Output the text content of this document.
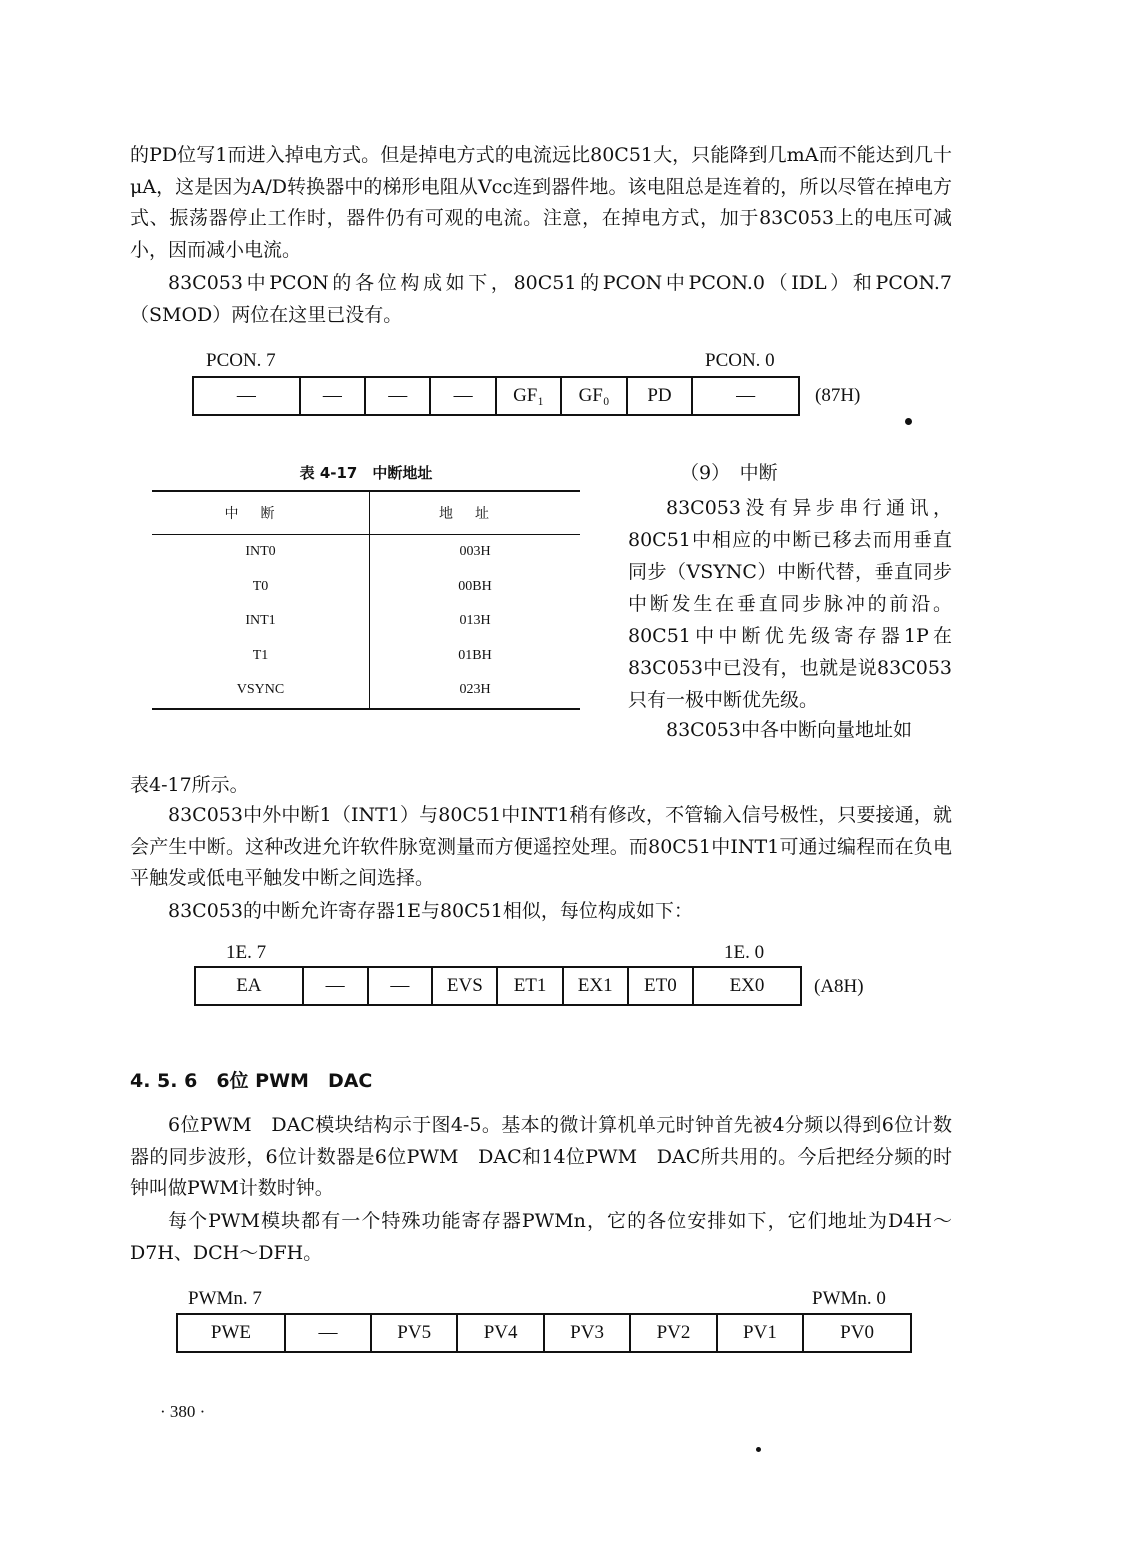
的PD位写1而进入掉电方式。但是掉电方式的电流远比80C51大，只能降到几mA而不能达到几十μA，这是因为A/D转换器中的梯形电阻从Vcc连到器件地。该电阻总是连着的，所以尽管在掉电方式、振荡器停止工作时，器件仍有可观的电流。注意，在掉电方式，加于83C053上的电压可减小，因而减小电流。

83C053中PCON的各位构成如下，80C51的PCON中PCON.0（IDL）和PCON.7（SMOD）两位在这里已没有。

PCON. 7	PCON. 0
—	—	—	—	GF₁	GF₀	PD	—	(87H)
表 4-17　中断地址
中断	地址
INT0	003H
T0	00BH
INT1	013H
T1	01BH
VSYNC	023H

（9）　中断

83C053没有异步串行通讯，80C51中相应的中断已移去而用垂直同步（VSYNC）中断代替，垂直同步中断发生在垂直同步脉冲的前沿。80C51中中断优先级寄存器1P在83C053中已没有，也就是说83C053只有一极中断优先级。

83C053中各中断向量地址如

表4-17所示。

83C053中外中断1（INT1）与80C51中INT1稍有修改，不管输入信号极性，只要接通，就会产生中断。这种改进允许软件脉宽测量而方便遥控处理。而80C51中INT1可通过编程而在负电平触发或低电平触发中断之间选择。

83C053的中断允许寄存器1E与80C51相似，每位构成如下：

1E. 7	1E. 0
EA	—	—	EVS	ET1	EX1	ET0	EX0	(A8H)
4. 5. 6　6位 PWM　DAC

6位PWM　DAC模块结构示于图4-5。基本的微计算机单元时钟首先被4分频以得到6位计数器的同步波形，6位计数器是6位PWM　DAC和14位PWM　DAC所共用的。今后把经分频的时钟叫做PWM计数时钟。

每个PWM模块都有一个特殊功能寄存器PWMn，它的各位安排如下，它们地址为D4H～D7H、DCH～DFH。

PWMn. 7	PWMn. 0
PWE	—	PV5	PV4	PV3	PV2	PV1	PV0
· 380 ·
